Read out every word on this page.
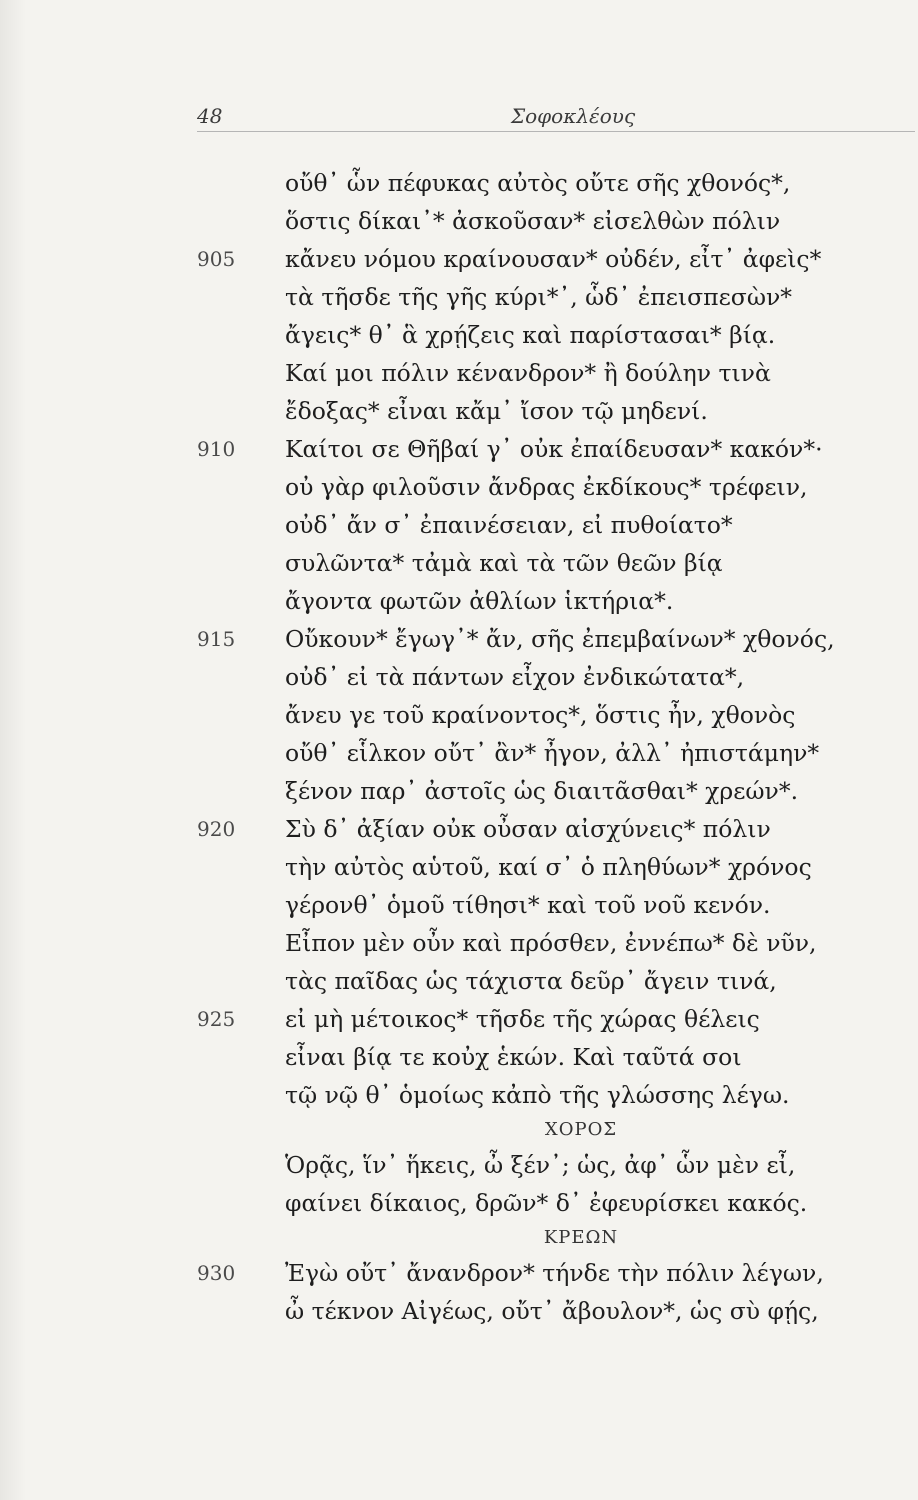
48	Σοφοκλέους
οὔθ᾽ ὧν πέφυκας αὐτὸς οὔτε σῆς χθονός*,
ὅστις δίκαι᾽* ἀσκοῦσαν* εἰσελθὼν πόλιν
905	κἄνευ νόμου κραίνουσαν* οὐδέν, εἶτ᾽ ἀφεὶς*
τὰ τῆσδε τῆς γῆς κύρι*᾽, ὧδ᾽ ἐπεισπεσὼν*
ἄγεις* θ᾽ ἃ χρῄζεις καὶ παρίστασαι* βίᾳ.
Καί μοι πόλιν κένανδρον* ἢ δούλην τινὰ
ἔδοξας* εἶναι κἄμ᾽ ἴσον τῷ μηδενί.
910	Καίτοι σε Θῆβαί γ᾽ οὐκ ἐπαίδευσαν* κακόν*·
οὐ γὰρ φιλοῦσιν ἄνδρας ἐκδίκους* τρέφειν,
οὐδ᾽ ἄν σ᾽ ἐπαινέσειαν, εἰ πυθοίατο*
συλῶντα* τἀμὰ καὶ τὰ τῶν θεῶν βίᾳ
ἄγοντα φωτῶν ἀθλίων ἱκτήρια*.
915	Οὔκουν* ἔγωγ᾽* ἄν, σῆς ἐπεμβαίνων* χθονός,
οὐδ᾽ εἰ τὰ πάντων εἶχον ἐνδικώτατα*,
ἄνευ γε τοῦ κραίνοντος*, ὅστις ἦν, χθονὸς
οὔθ᾽ εἷλκον οὔτ᾽ ἂν* ἦγον, ἀλλ᾽ ἠπιστάμην*
ξένον παρ᾽ ἀστοῖς ὡς διαιτᾶσθαι* χρεών*.
920	Σὺ δ᾽ ἀξίαν οὐκ οὖσαν αἰσχύνεις* πόλιν
τὴν αὐτὸς αὑτοῦ, καί σ᾽ ὁ πληθύων* χρόνος
γέρονθ᾽ ὁμοῦ τίθησι* καὶ τοῦ νοῦ κενόν.
Εἶπον μὲν οὖν καὶ πρόσθεν, ἐννέπω* δὲ νῦν,
τὰς παῖδας ὡς τάχιστα δεῦρ᾽ ἄγειν τινά,
925	εἰ μὴ μέτοικος* τῆσδε τῆς χώρας θέλεις
εἶναι βίᾳ τε κοὐχ ἑκών. Καὶ ταῦτά σοι
τῷ νῷ θ᾽ ὁμοίως κἀπὸ τῆς γλώσσης λέγω.
ΧΟΡΟΣ
Ὁρᾷς, ἵν᾽ ἥκεις, ὦ ξέν᾽; ὡς, ἀφ᾽ ὧν μὲν εἶ,
φαίνει δίκαιος, δρῶν* δ᾽ ἐφευρίσκει κακός.
ΚΡΕΩΝ
930	Ἐγὼ οὔτ᾽ ἄνανδρον* τήνδε τὴν πόλιν λέγων,
ὦ τέκνον Αἰγέως, οὔτ᾽ ἄβουλον*, ὡς σὺ φῄς,
